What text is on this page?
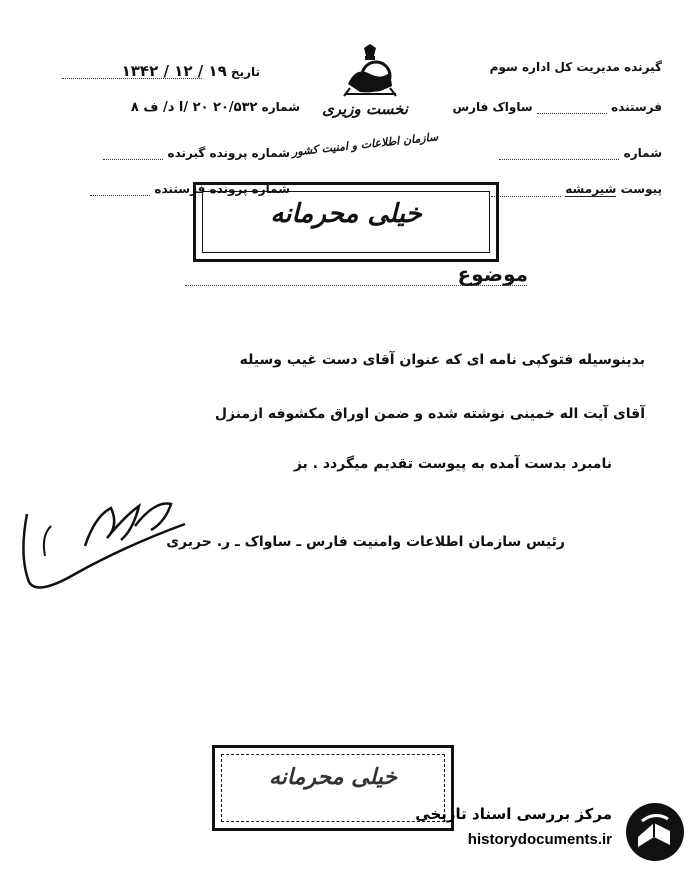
گیرنده مدیریت کل اداره سوم
فرستنده  ساواک فارس
شماره
پیوست شیرمشه
تاریخ ۱۹ / ۱۲ / ۱۳۴۲
شماره ۲۰/۵۳۲ ۲۰ /ا د/ ف ۸
شماره پرونده گیرنده
شماره پرونده فرستنده
نخست وزیری
سازمان اطلاعات و امنیت کشور
خیلی محرمانه
موضوع
بدینوسیله فتوکپی نامه ای که عنوان آقای دست غیب وسیله
آقای آیت اله خمینی نوشته شده و ضمن اوراق مکشوفه ازمنزل
نامبرد بدست آمده به پیوست تقدیم میگردد . بز
رئیس سازمان اطلاعات وامنیت فارس ـ ساواک ـ ر. حریری
خیلی محرمانه
مرکز بررسی اسناد تاریخی
historydocuments.ir
